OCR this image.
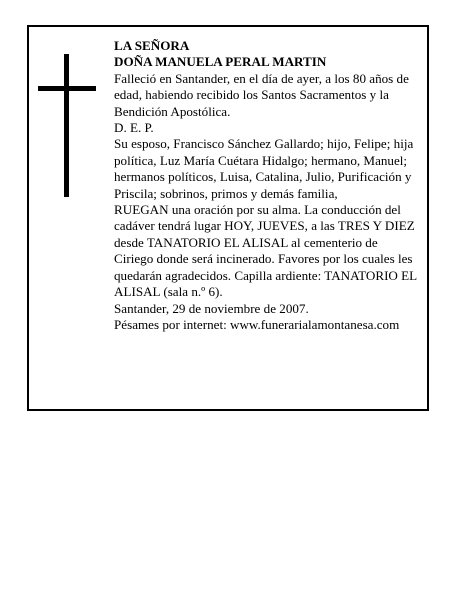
LA SEÑORA

DOÑA MANUELA PERAL MARTIN

Falleció en Santander, en el día de ayer, a los 80 años de edad, habiendo recibido los Santos Sacramentos y la Bendición Apostólica.

D. E. P.

Su esposo, Francisco Sánchez Gallardo; hijo, Felipe; hija política, Luz María Cuétara Hidalgo; hermano, Manuel; hermanos políticos, Luisa, Catalina, Julio, Purificación y Priscila; sobrinos, primos y demás familia,

RUEGAN una oración por su alma. La conducción del cadáver tendrá lugar HOY, JUEVES, a las TRES Y DIEZ desde TANATORIO EL ALISAL al cementerio de Ciriego donde será incinerado. Favores por los cuales les quedarán agradecidos. Capilla ardiente: TANATORIO EL ALISAL (sala n.º 6).

Santander, 29 de noviembre de 2007.

Pésames por internet: www.funerarialamontanesa.com
